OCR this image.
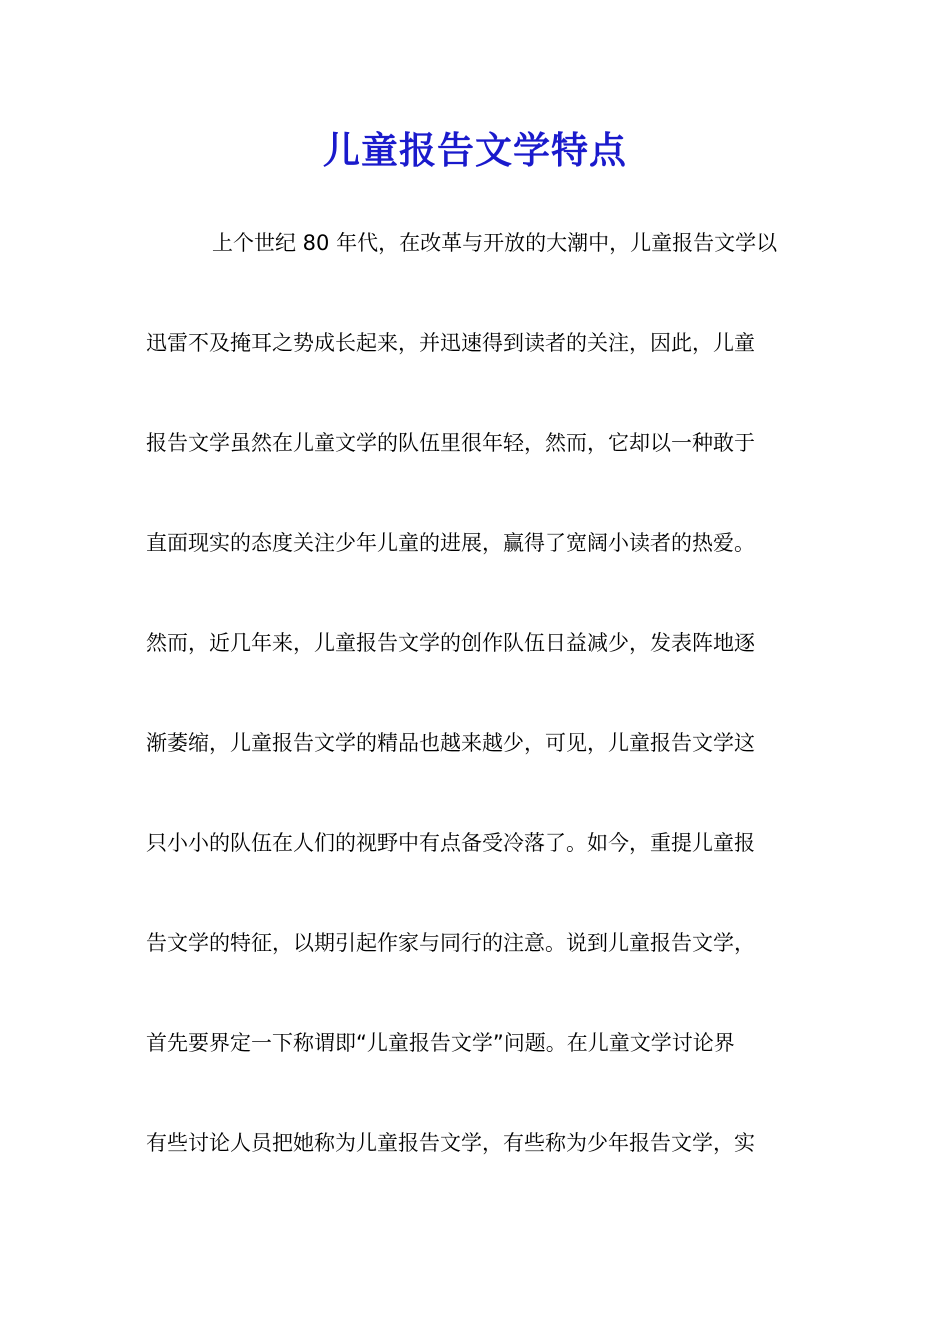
儿童报告文学特点
上个世纪 80 年代，在改革与开放的大潮中，儿童报告文学以
迅雷不及掩耳之势成长起来，并迅速得到读者的关注，因此，儿童
报告文学虽然在儿童文学的队伍里很年轻，然而，它却以一种敢于
直面现实的态度关注少年儿童的进展，赢得了宽阔小读者的热爱。
然而，近几年来，儿童报告文学的创作队伍日益减少，发表阵地逐
渐萎缩，儿童报告文学的精品也越来越少，可见，儿童报告文学这
只小小的队伍在人们的视野中有点备受冷落了。如今，重提儿童报
告文学的特征，以期引起作家与同行的注意。说到儿童报告文学，
首先要界定一下称谓即“儿童报告文学”问题。在儿童文学讨论界
有些讨论人员把她称为儿童报告文学，有些称为少年报告文学，实
